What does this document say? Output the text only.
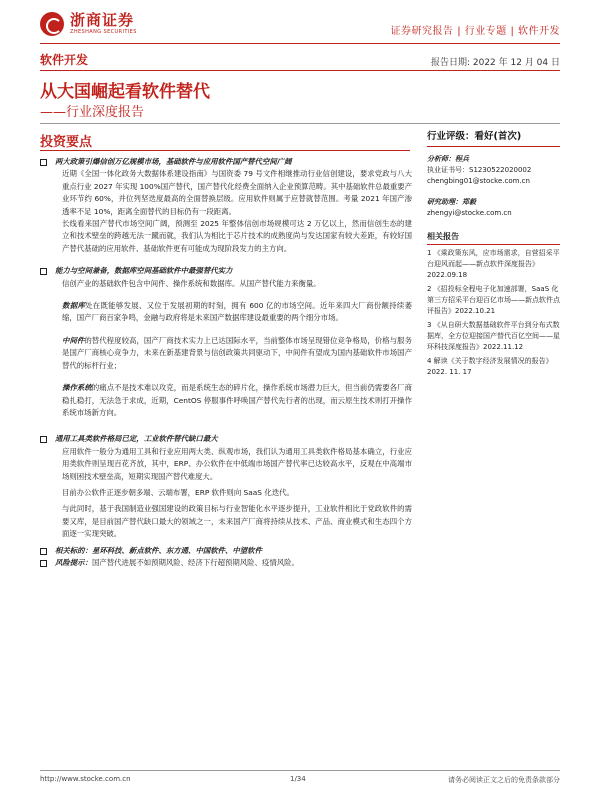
浙商证券
ZHESHANG SECURITIES	证券研究报告 | 行业专题 | 软件开发
软件开发	报告日期: 2022 年 12 月 04 日
从大国崛起看软件替代
——行业深度报告
投资要点
两大政策引爆信创万亿规模市场，基础软件与应用软件国产替代空间广阔
近期《全国一体化政务大数据体系建设指南》与国资委 79 号文件相继推动行业信创建设，要求党政与八大重点行业 2027 年实现 100%国产替代，国产替代化经费全面纳入企业预算范畴。其中基础软件总最重要产业环节约 60%，并位列坚迭度最高的全面替换层级。应用软件则属于应替就替范围。考量 2021 年国产渗透率不足 10%，距离全面替代的目标仍有一段距离。
长线看来国产替代市场空间广阔，预测至 2025 年整体信创市场规模可达 2 万亿以上，然而信创生态的建立和技术壁垒的跨越无法一蹴而就，我们认为相比于芯片技术的成熟度尚与发达国家有较大差距，有较好国产替代基础的应用软件、基础软件更有可能成为现阶段发力的主方向。
能力与空间兼备，数据库空间基础软件中最强替代实力
信创产业的基础软件包含中间件、操作系统和数据库。从国产替代能力来衡量。
数据库处在既能够发展、又位于发展初期的时刻，拥有 600 亿的市场空间。近年来四大厂商份额持续萎缩，国产厂商百家争鸣，金融与政府将是未来国产数据库建设最重要的两个细分市场。
中间件的替代程度较高，国产厂商技术实力上已达国际水平，当前整体市场呈现错位竞争格局，价格与服务是国产厂商核心竞争力，未来在新基建背景与信创政策共同驱动下，中间件有望成为国内基础软件市场国产替代的标杆行业；
操作系统的痛点不是技术难以攻克，而是系统生态的碎片化，操作系统市场潜力巨大，但当前仍需要各厂商稳扎稳打，无法急于求成，近期，CentOS 停服事件呼唤国产替代先行者的出现，而云原生技术则打开操作系统市场新方向。
通用工具类软件格局已定，工业软件替代缺口最大
应用软件一般分为通用工具和行业应用两大类、纵观市场，我们认为通用工具类软件格局基本确立，行业应用类软件则呈现百花齐放，其中，ERP、办公软件在中低端市场国产替代率已达较高水平，反观在中高端市场则困技术壁垒高，短期实现国产替代难度大。
目前办公软件正逐步朝多端、云端布署，ERP 软件则向 SaaS 化迭代。
与此同时，基于我国制造业强国建设的政策目标与行业智能化水平逐步提升，工业软件相比于党政软件的需要又库，是目前国产替代缺口最大的领域之一，未来国产厂商将持续从技术、产品、商业模式和生态四个方面逐一实现突破。
相关标的：星环科技、新点软件、东方通、中国软件、中望软件
风险提示：国产替代进展不如预期风险、经济下行超预期风险、疫情风险。
行业评级：看好(首次)
分析师：程兵
执业证书号：S1230522020002
chengbing01@stocke.com.cn
研究助理：郑毅
zhengyi@stocke.com.cn
相关报告
1 《乘政策东风，应市场需求，自营招采平台迎风而起——新点软件深度报告》2022.09.18
2 《招投标全程电子化加速部署，SaaS 化第三方招采平台迎百亿市场——新点软件点评报告》2022.10.21
3 《从自研大数据基础软件平台到分布式数据库，全方位迎接国产替代百亿空间——星环科技深度报告》2022.11.12
4 解读《关于数字经济发展情况的报告》2022. 11. 17
http://www.stocke.com.cn	1/34	请务必阅读正文之后的免责条款部分
